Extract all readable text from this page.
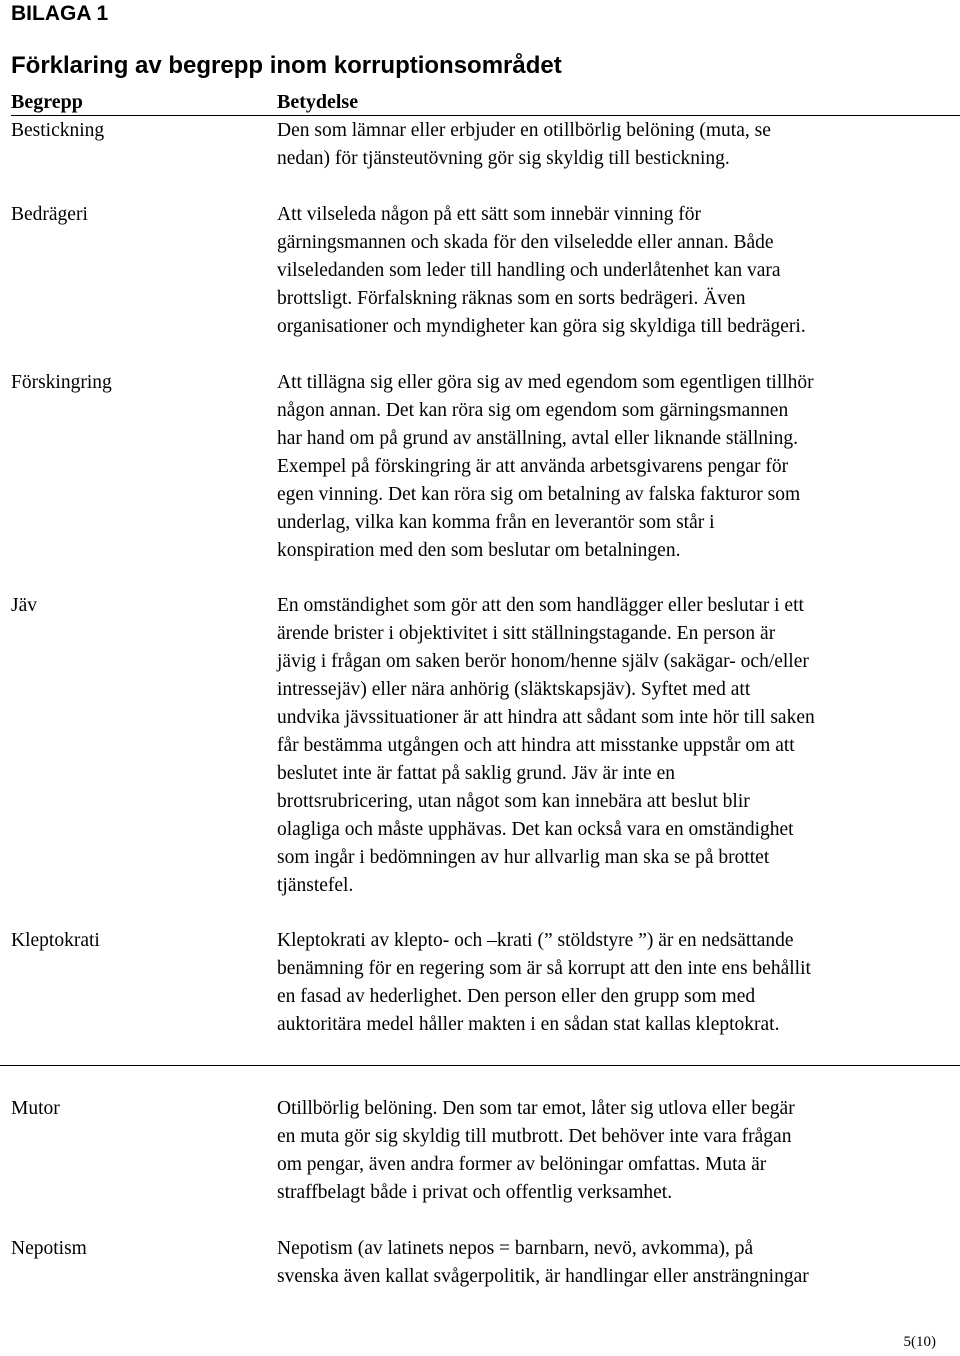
BILAGA 1
Förklaring av begrepp inom korruptionsområdet
Begrepp	Betydelse
Bestickning	Den som lämnar eller erbjuder en otillbörlig belöning (muta, se
nedan) för tjänsteutövning gör sig skyldig till bestickning.
Bedrägeri	Att vilseleda någon på ett sätt som innebär vinning för
gärningsmannen och skada för den vilseledde eller annan. Både
vilseledanden som leder till handling och underlåtenhet kan vara
brottsligt. Förfalskning räknas som en sorts bedrägeri. Även
organisationer och myndigheter kan göra sig skyldiga till bedrägeri.
Förskingring	Att tillägna sig eller göra sig av med egendom som egentligen tillhör
någon annan. Det kan röra sig om egendom som gärningsmannen
har hand om på grund av anställning, avtal eller liknande ställning.
Exempel på förskingring är att använda arbetsgivarens pengar för
egen vinning. Det kan röra sig om betalning av falska fakturor som
underlag, vilka kan komma från en leverantör som står i
konspiration med den som beslutar om betalningen.
Jäv	En omständighet som gör att den som handlägger eller beslutar i ett
ärende brister i objektivitet i sitt ställningstagande. En person är
jävig i frågan om saken berör honom/henne själv (sakägar- och/eller
intressejäv) eller nära anhörig (släktskapsjäv). Syftet med att
undvika jävssituationer är att hindra att sådant som inte hör till saken
får bestämma utgången och att hindra att misstanke uppstår om att
beslutet inte är fattat på saklig grund. Jäv är inte en
brottsrubricering, utan något som kan innebära att beslut blir
olagliga och måste upphävas. Det kan också vara en omständighet
som ingår i bedömningen av hur allvarlig man ska se på brottet
tjänstefel.
Kleptokrati	Kleptokrati av klepto- och –krati (” stöldstyre ”) är en nedsättande
benämning för en regering som är så korrupt att den inte ens behållit
en fasad av hederlighet. Den person eller den grupp som med
auktoritära medel håller makten i en sådan stat kallas kleptokrat.
Mutor	Otillbörlig belöning. Den som tar emot, låter sig utlova eller begär
en muta gör sig skyldig till mutbrott. Det behöver inte vara frågan
om pengar, även andra former av belöningar omfattas. Muta är
straffbelagt både i privat och offentlig verksamhet.
Nepotism	Nepotism (av latinets nepos = barnbarn, nevö, avkomma), på
svenska även kallat svågerpolitik, är handlingar eller ansträngningar
5(10)
